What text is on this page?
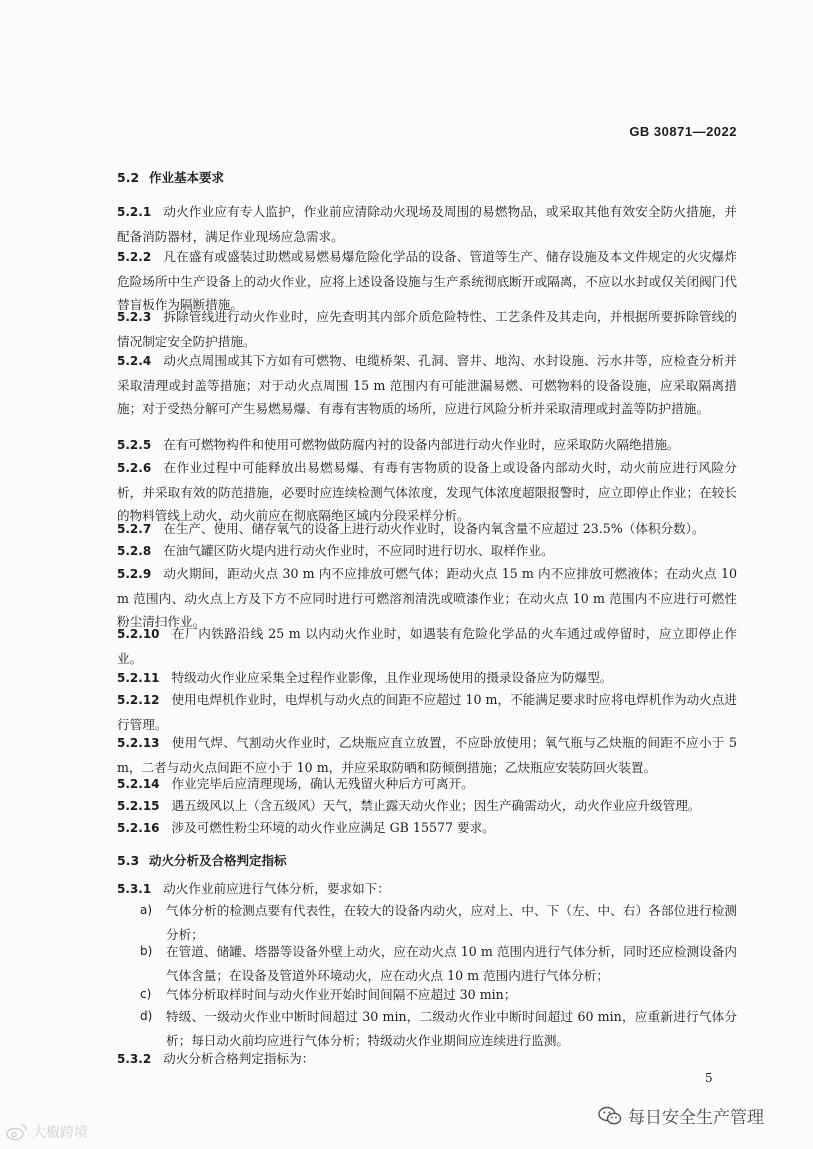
GB 30871—2022
5.2 作业基本要求
5.2.1 动火作业应有专人监护，作业前应清除动火现场及周围的易燃物品，或采取其他有效安全防火措施，并配备消防器材，满足作业现场应急需求。
5.2.2 凡在盛有或盛装过助燃或易燃易爆危险化学品的设备、管道等生产、储存设施及本文件规定的火灾爆炸危险场所中生产设备上的动火作业，应将上述设备设施与生产系统彻底断开或隔离，不应以水封或仅关闭阀门代替盲板作为隔断措施。
5.2.3 拆除管线进行动火作业时，应先查明其内部介质危险特性、工艺条件及其走向，并根据所要拆除管线的情况制定安全防护措施。
5.2.4 动火点周围或其下方如有可燃物、电缆桥架、孔洞、窨井、地沟、水封设施、污水井等，应检查分析并采取清理或封盖等措施；对于动火点周围 15 m 范围内有可能泄漏易燃、可燃物料的设备设施，应采取隔离措施；对于受热分解可产生易燃易爆、有毒有害物质的场所，应进行风险分析并采取清理或封盖等防护措施。
5.2.5 在有可燃物构件和使用可燃物做防腐内衬的设备内部进行动火作业时，应采取防火隔绝措施。
5.2.6 在作业过程中可能释放出易燃易爆、有毒有害物质的设备上或设备内部动火时，动火前应进行风险分析，并采取有效的防范措施，必要时应连续检测气体浓度，发现气体浓度超限报警时，应立即停止作业；在较长的物料管线上动火，动火前应在彻底隔绝区域内分段采样分析。
5.2.7 在生产、使用、储存氧气的设备上进行动火作业时，设备内氧含量不应超过 23.5%（体积分数）。
5.2.8 在油气罐区防火堤内进行动火作业时，不应同时进行切水、取样作业。
5.2.9 动火期间，距动火点 30 m 内不应排放可燃气体；距动火点 15 m 内不应排放可燃液体；在动火点 10 m 范围内、动火点上方及下方不应同时进行可燃溶剂清洗或喷漆作业；在动火点 10 m 范围内不应进行可燃性粉尘清扫作业。
5.2.10 在厂内铁路沿线 25 m 以内动火作业时，如遇装有危险化学品的火车通过或停留时，应立即停止作业。
5.2.11 特级动火作业应采集全过程作业影像，且作业现场使用的摄录设备应为防爆型。
5.2.12 使用电焊机作业时，电焊机与动火点的间距不应超过 10 m，不能满足要求时应将电焊机作为动火点进行管理。
5.2.13 使用气焊、气割动火作业时，乙炔瓶应直立放置，不应卧放使用；氧气瓶与乙炔瓶的间距不应小于 5 m，二者与动火点间距不应小于 10 m，并应采取防晒和防倾倒措施；乙炔瓶应安装防回火装置。
5.2.14 作业完毕后应清理现场，确认无残留火种后方可离开。
5.2.15 遇五级风以上（含五级风）天气，禁止露天动火作业；因生产确需动火，动火作业应升级管理。
5.2.16 涉及可燃性粉尘环境的动火作业应满足 GB 15577 要求。
5.3 动火分析及合格判定指标
5.3.1 动火作业前应进行气体分析，要求如下：
a) 气体分析的检测点要有代表性，在较大的设备内动火，应对上、中、下（左、中、右）各部位进行检测分析；
b) 在管道、储罐、塔器等设备外壁上动火，应在动火点 10 m 范围内进行气体分析，同时还应检测设备内气体含量；在设备及管道外环境动火，应在动火点 10 m 范围内进行气体分析；
c) 气体分析取样时间与动火作业开始时间间隔不应超过 30 min；
d) 特级、一级动火作业中断时间超过 30 min，二级动火作业中断时间超过 60 min，应重新进行气体分析；每日动火前均应进行气体分析；特级动火作业期间应连续进行监测。
5.3.2 动火分析合格判定指标为：
5
每日安全生产管理
大椒跨境
